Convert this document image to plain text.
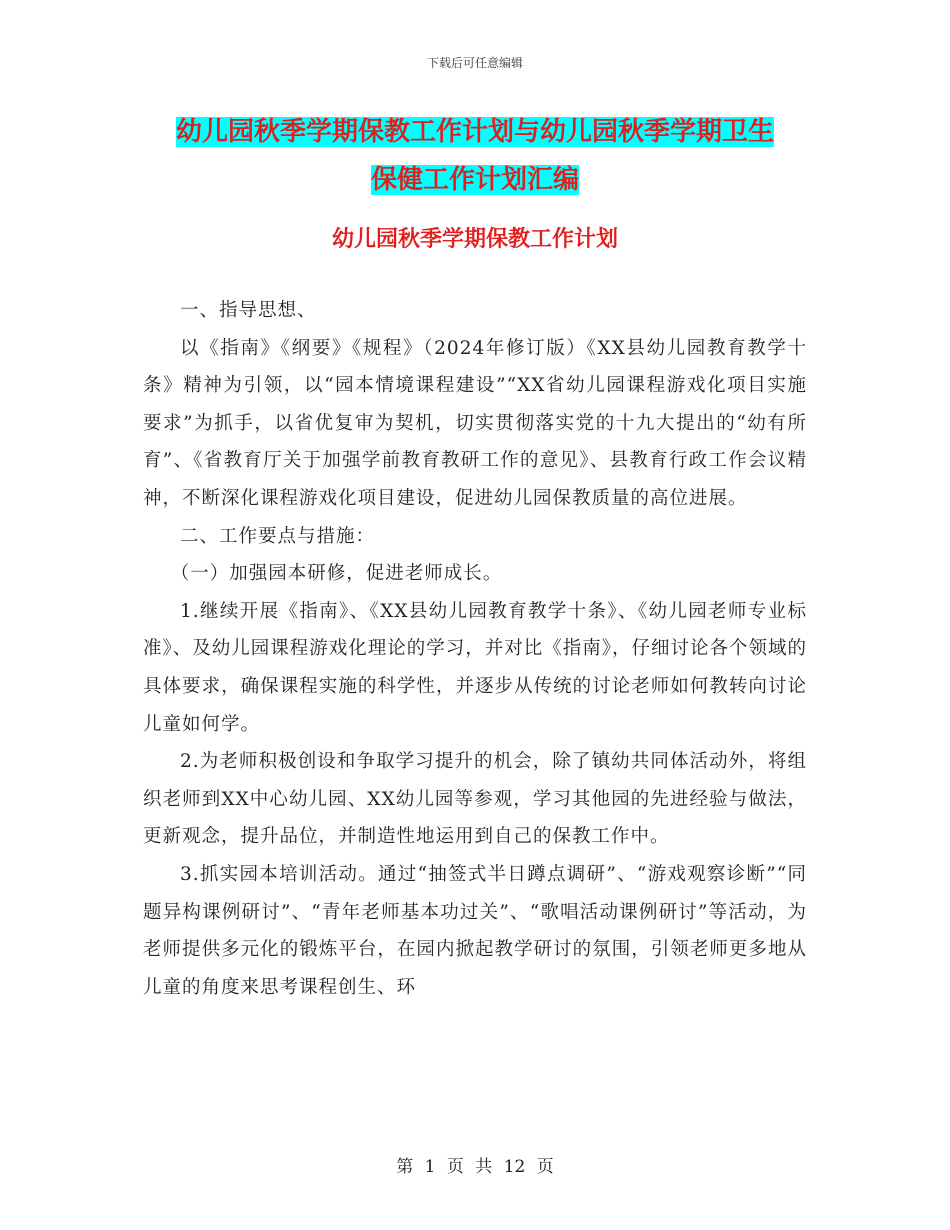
下载后可任意编辑
幼儿园秋季学期保教工作计划与幼儿园秋季学期卫生
保健工作计划汇编
幼儿园秋季学期保教工作计划

一、指导思想、

以《指南》《纲要》《规程》（2024年修订版）《XX县幼儿园教育教学十条》精神为引领，以“园本情境课程建设”“XX省幼儿园课程游戏化项目实施要求”为抓手，以省优复审为契机，切实贯彻落实党的十九大提出的“幼有所育”、《省教育厅关于加强学前教育教研工作的意见》、县教育行政工作会议精神，不断深化课程游戏化项目建设，促进幼儿园保教质量的高位进展。

二、工作要点与措施：

（一）加强园本研修，促进老师成长。

1.继续开展《指南》、《XX县幼儿园教育教学十条》、《幼儿园老师专业标准》、及幼儿园课程游戏化理论的学习，并对比《指南》，仔细讨论各个领域的具体要求，确保课程实施的科学性，并逐步从传统的讨论老师如何教转向讨论儿童如何学。

2.为老师积极创设和争取学习提升的机会，除了镇幼共同体活动外，将组织老师到XX中心幼儿园、XX幼儿园等参观，学习其他园的先进经验与做法，更新观念，提升品位，并制造性地运用到自己的保教工作中。

3.抓实园本培训活动。通过“抽签式半日蹲点调研”、“游戏观察诊断”“同题异构课例研讨”、“青年老师基本功过关”、“歌唱活动课例研讨”等活动，为老师提供多元化的锻炼平台，在园内掀起教学研讨的氛围，引领老师更多地从儿童的角度来思考课程创生、环

第 1 页 共 12 页
